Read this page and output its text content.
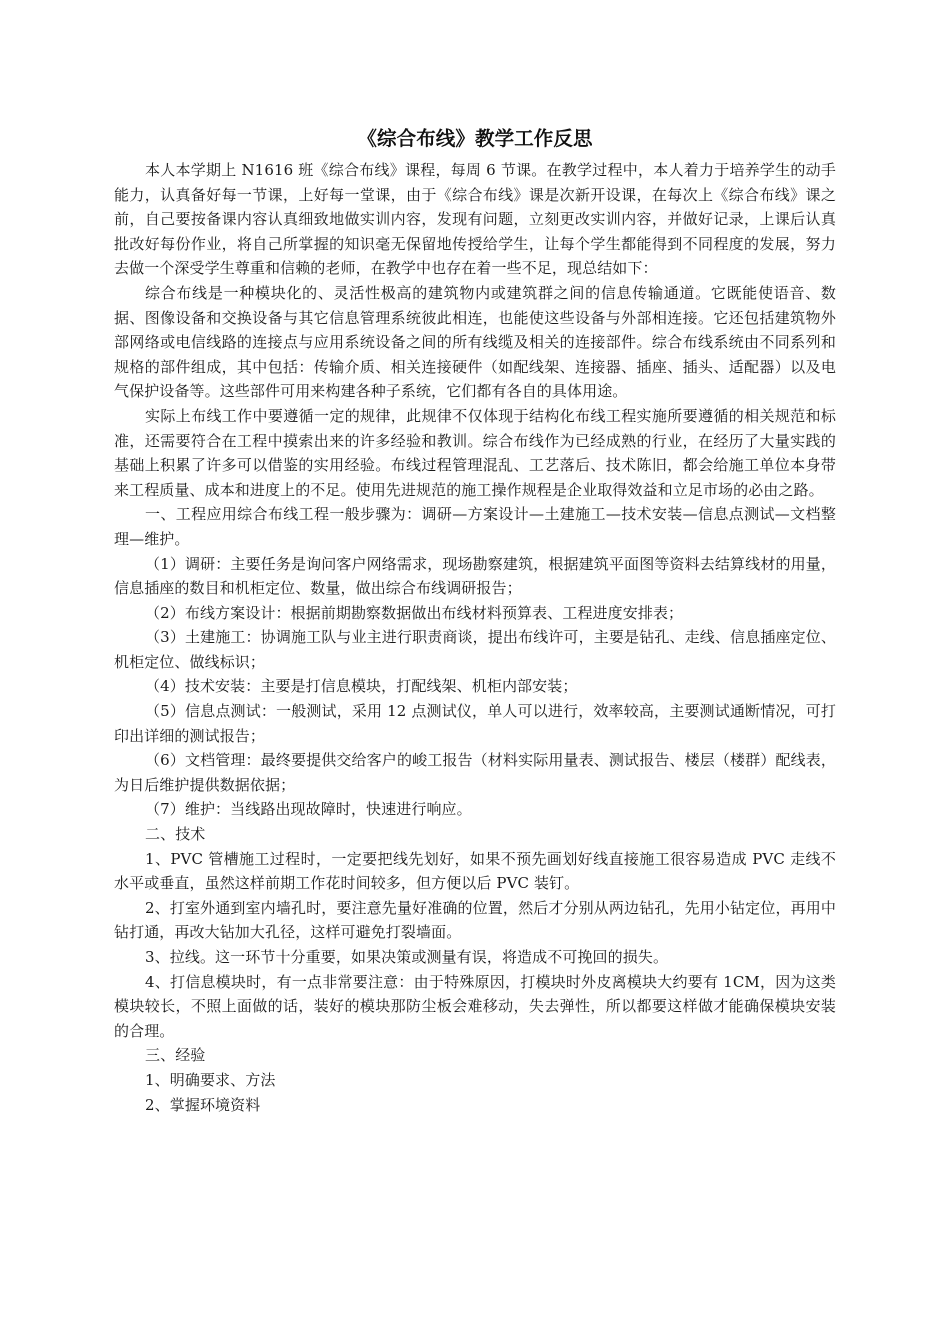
《综合布线》教学工作反思

本人本学期上 N1616 班《综合布线》课程，每周 6 节课。在教学过程中，本人着力于培养学生的动手能力，认真备好每一节课，上好每一堂课，由于《综合布线》课是次新开设课，在每次上《综合布线》课之前，自己要按备课内容认真细致地做实训内容，发现有问题，立刻更改实训内容，并做好记录，上课后认真批改好每份作业，将自己所掌握的知识毫无保留地传授给学生，让每个学生都能得到不同程度的发展，努力去做一个深受学生尊重和信赖的老师，在教学中也存在着一些不足，现总结如下：

综合布线是一种模块化的、灵活性极高的建筑物内或建筑群之间的信息传输通道。它既能使语音、数据、图像设备和交换设备与其它信息管理系统彼此相连，也能使这些设备与外部相连接。它还包括建筑物外部网络或电信线路的连接点与应用系统设备之间的所有线缆及相关的连接部件。综合布线系统由不同系列和规格的部件组成，其中包括：传输介质、相关连接硬件（如配线架、连接器、插座、插头、适配器）以及电气保护设备等。这些部件可用来构建各种子系统，它们都有各自的具体用途。

实际上布线工作中要遵循一定的规律，此规律不仅体现于结构化布线工程实施所要遵循的相关规范和标准，还需要符合在工程中摸索出来的许多经验和教训。综合布线作为已经成熟的行业，在经历了大量实践的基础上积累了许多可以借鉴的实用经验。布线过程管理混乱、工艺落后、技术陈旧，都会给施工单位本身带来工程质量、成本和进度上的不足。使用先进规范的施工操作规程是企业取得效益和立足市场的必由之路。

一、工程应用综合布线工程一般步骤为：调研—方案设计—土建施工—技术安装—信息点测试—文档整理—维护。

（1）调研：主要任务是询问客户网络需求，现场勘察建筑，根据建筑平面图等资料去结算线材的用量，信息插座的数目和机柜定位、数量，做出综合布线调研报告；

（2）布线方案设计：根据前期勘察数据做出布线材料预算表、工程进度安排表；

（3）土建施工：协调施工队与业主进行职责商谈，提出布线许可，主要是钻孔、走线、信息插座定位、机柜定位、做线标识；

（4）技术安装：主要是打信息模块，打配线架、机柜内部安装；

（5）信息点测试：一般测试，采用 12 点测试仪，单人可以进行，效率较高，主要测试通断情况，可打印出详细的测试报告；

（6）文档管理：最终要提供交给客户的峻工报告（材料实际用量表、测试报告、楼层（楼群）配线表，为日后维护提供数据依据；

（7）维护：当线路出现故障时，快速进行响应。

二、技术

1、PVC 管槽施工过程时，一定要把线先划好，如果不预先画划好线直接施工很容易造成 PVC 走线不水平或垂直，虽然这样前期工作花时间较多，但方便以后 PVC 装钉。

2、打室外通到室内墙孔时，要注意先量好准确的位置，然后才分别从两边钻孔，先用小钻定位，再用中钻打通，再改大钻加大孔径，这样可避免打裂墙面。

3、拉线。这一环节十分重要，如果决策或测量有误，将造成不可挽回的损失。

4、打信息模块时，有一点非常要注意：由于特殊原因，打模块时外皮离模块大约要有 1CM，因为这类模块较长，不照上面做的话，装好的模块那防尘板会难移动，失去弹性，所以都要这样做才能确保模块安装的合理。

三、经验

1、明确要求、方法

2、掌握环境资料
